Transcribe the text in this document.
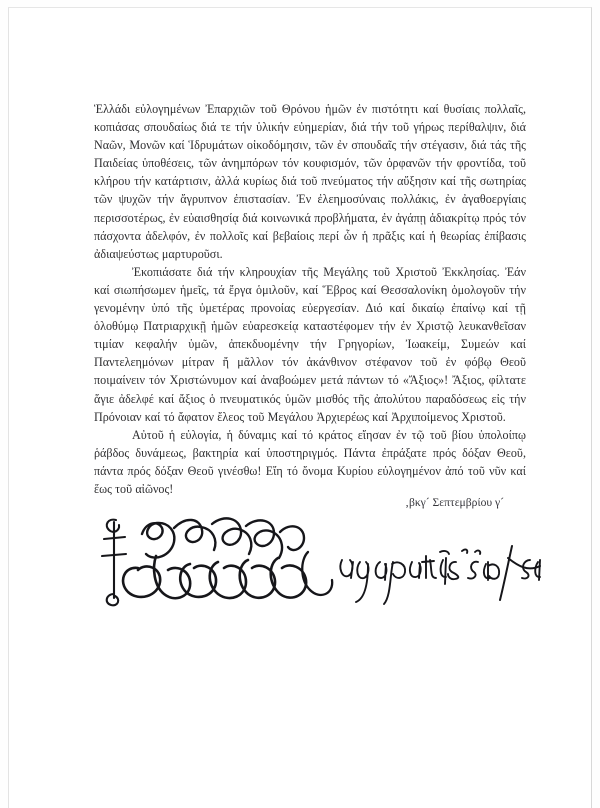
Ἑλλάδι εὐλογημένων Ἐπαρχιῶν τοῦ Θρόνου ἡμῶν ἐν πιστότητι καί θυσίαις πολλαῖς, κοπιάσας σπουδαίως διά τε τήν ὑλικήν εὐημερίαν, διά τήν τοῦ γήρως περίθαλψιν, διά Ναῶν, Μονῶν καί Ἱδρυμάτων οἰκοδόμησιν, τῶν ἐν σπουδαῖς τήν στέγασιν, διά τάς τῆς Παιδείας ὑποθέσεις, τῶν ἀνημπόρων τόν κουφισμόν, τῶν ὀρφανῶν τήν φροντίδα, τοῦ κλήρου τήν κατάρτισιν, ἀλλά κυρίως διά τοῦ πνεύματος τήν αὔξησιν καί τῆς σωτηρίας τῶν ψυχῶν τήν ἄγρυπνον ἐπιστασίαν. Ἐν ἐλεημοσύναις πολλάκις, ἐν ἀγαθοεργίαις περισσοτέρως, ἐν εὐαισθησίᾳ διά κοινωνικά προβλήματα, ἐν ἀγάπῃ ἀδιακρίτῳ πρός τόν πάσχοντα ἀδελφόν, ἐν πολλοῖς καί βεβαίοις περί ὧν ἡ πρᾶξις καί ἡ θεωρίας ἐπίβασις ἀδιαψεύστως μαρτυροῦσι.

Ἐκοπιάσατε διά τήν κληρουχίαν τῆς Μεγάλης τοῦ Χριστοῦ Ἐκκλησίας. Ἐάν καί σιωπήσωμεν ἡμεῖς, τά ἔργα ὁμιλοῦν, καί Ἕβρος καί Θεσσαλονίκη ὁμολογοῦν τήν γενομένην ὑπό τῆς ὑμετέρας προνοίας εὐεργεσίαν. Διό καί δικαίῳ ἐπαίνῳ καί τῇ ὁλοθύμῳ Πατριαρχικῇ ἡμῶν εὐαρεσκείᾳ καταστέφομεν τήν ἐν Χριστῷ λευκανθεῖσαν τιμίαν κεφαλήν ὑμῶν, ἀπεκδυομένην τήν Γρηγορίων, Ἰωακείμ, Συμεών καί Παντελεημόνων μίτραν ἤ μᾶλλον τόν ἀκάνθινον στέφανον τοῦ ἐν φόβῳ Θεοῦ ποιμαίνειν τόν Χριστώνυμον καί ἀναβοώμεν μετά πάντων τό «Ἄξιος»! Ἄξιος, φίλτατε ἅγιε ἀδελφέ καί ἄξιος ὁ πνευματικός ὑμῶν μισθός τῆς ἀπολύτου παραδόσεως εἰς τήν Πρόνοιαν καί τό ἄφατον ἔλεος τοῦ Μεγάλου Ἀρχιερέως καί Ἀρχιποίμενος Χριστοῦ.

Αὐτοῦ ἡ εὐλογία, ἡ δύναμις καί τό κράτος εἴησαν ἐν τῷ τοῦ βίου ὑπολοίπῳ ῥάβδος δυνάμεως, βακτηρία καί ὑποστηριγμός. Πάντα ἐπράξατε πρός δόξαν Θεοῦ, πάντα πρός δόξαν Θεοῦ γινέσθω! Εἴη τό ὄνομα Κυρίου εὐλογημένον ἀπό τοῦ νῦν καί ἕως τοῦ αἰῶνος!

‚βκγ´ Σεπτεμβρίου γ´
